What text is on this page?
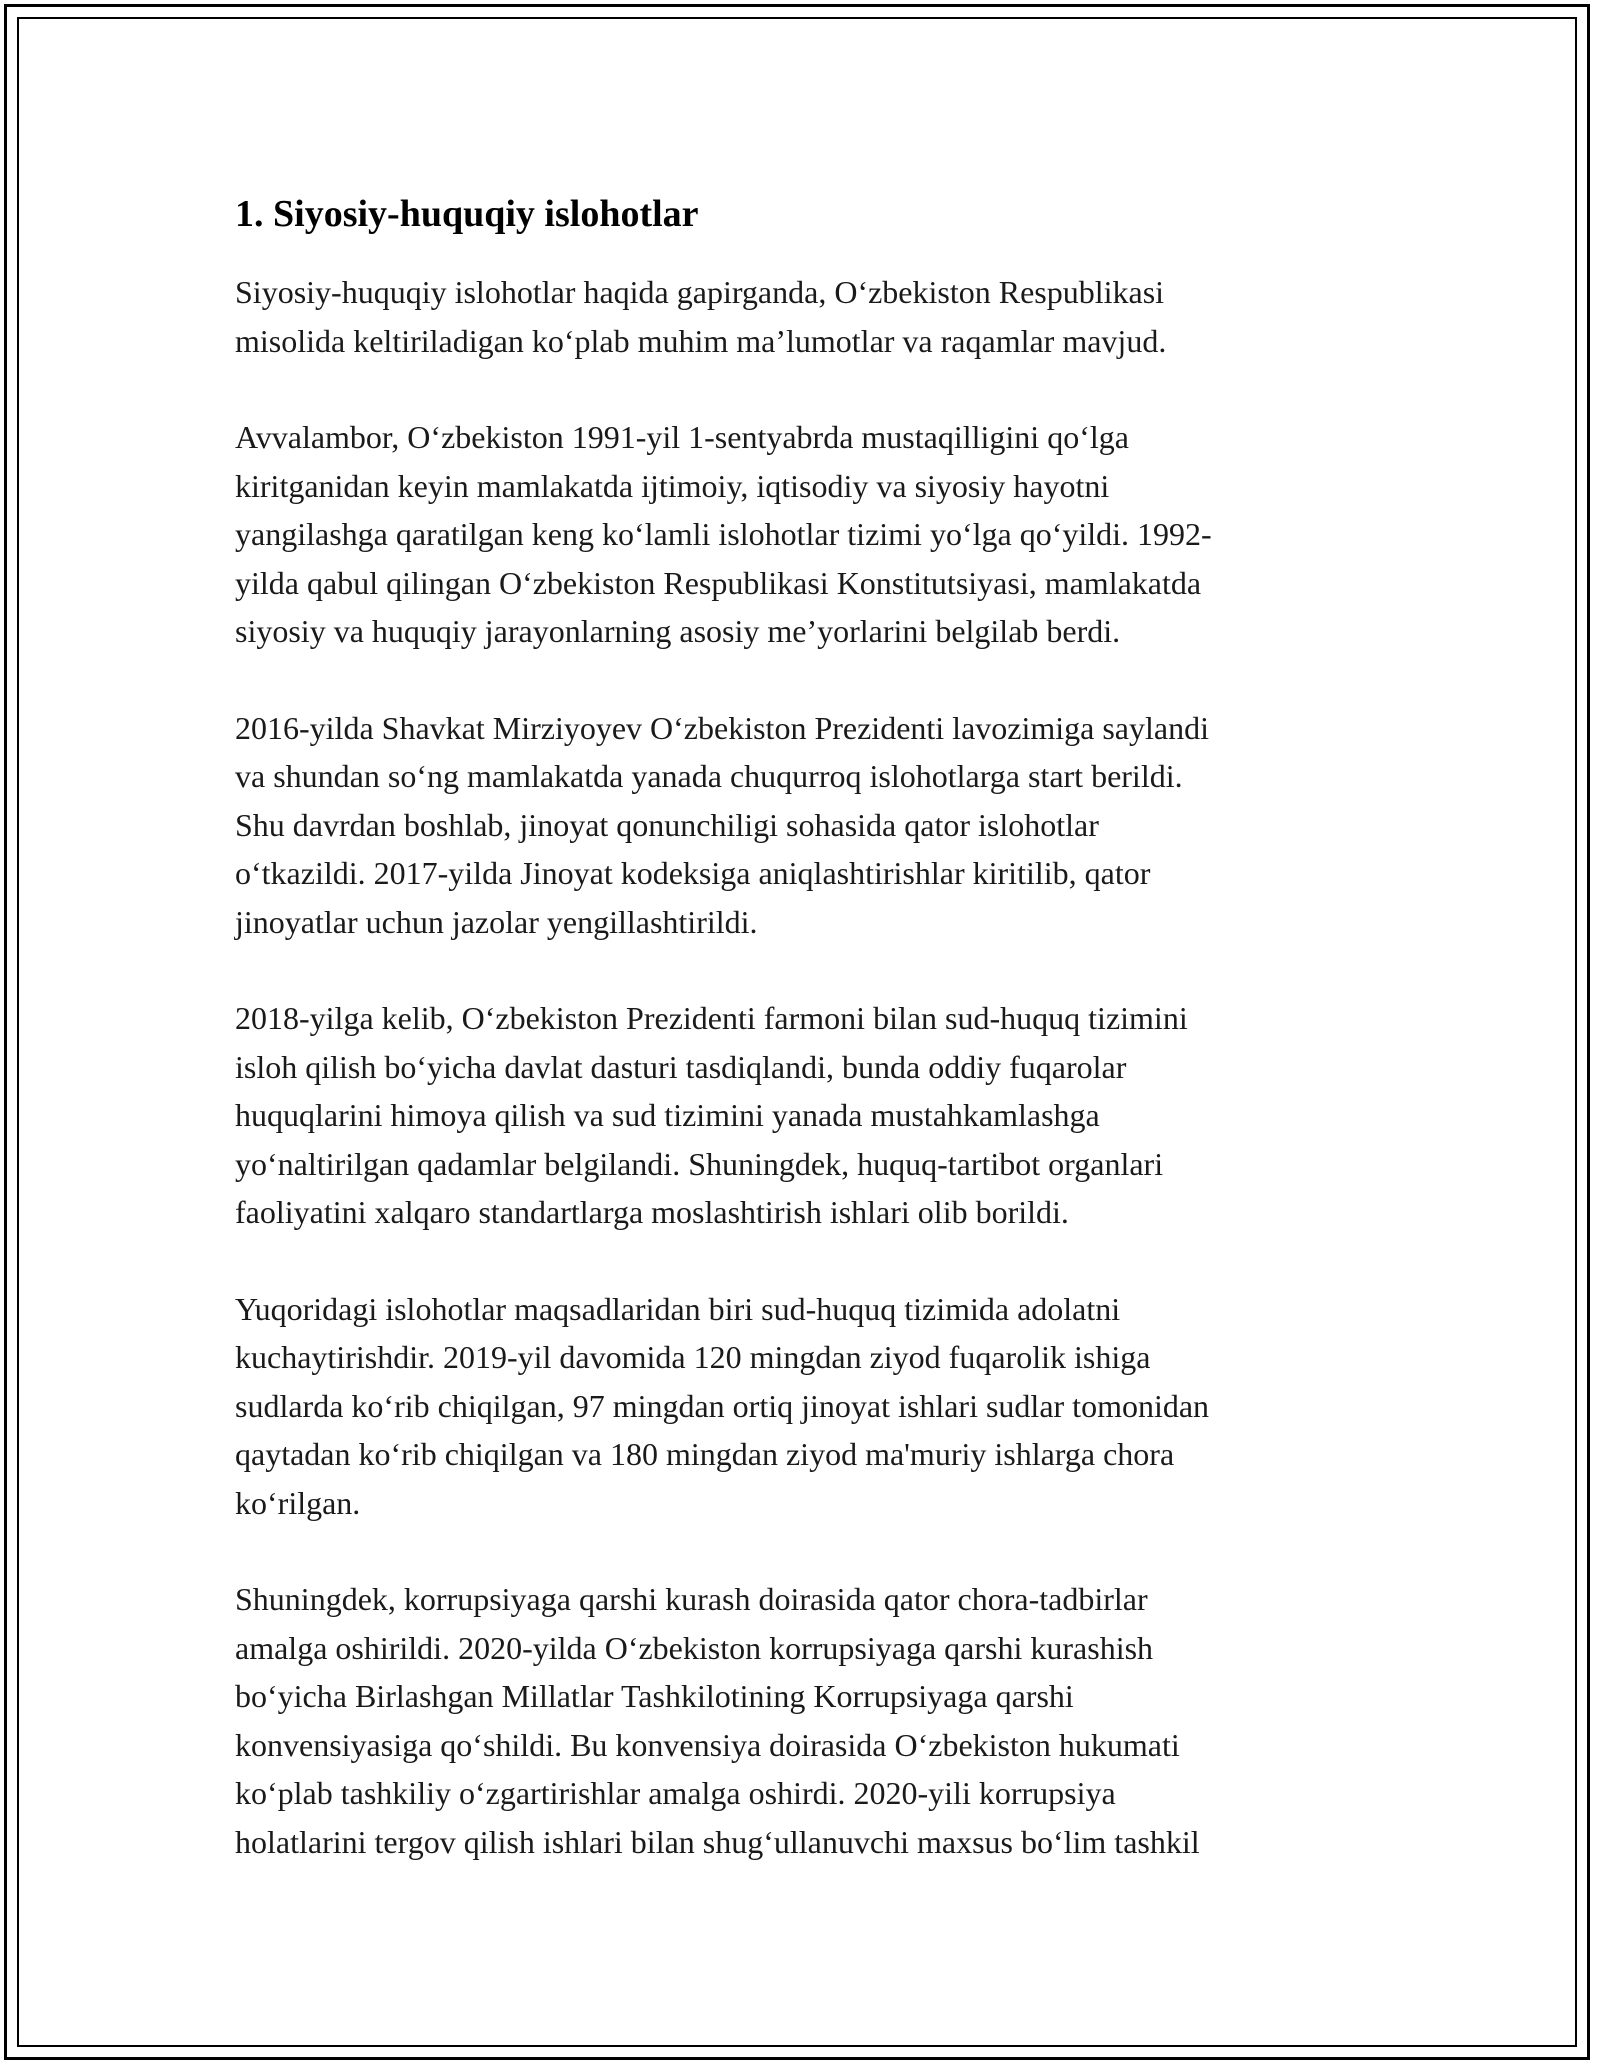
1. Siyosiy-huquqiy islohotlar
Siyosiy-huquqiy islohotlar haqida gapirganda, O‘zbekiston Respublikasi
misolida keltiriladigan ko‘plab muhim ma’lumotlar va raqamlar mavjud.
Avvalambor, O‘zbekiston 1991-yil 1-sentyabrda mustaqilligini qo‘lga
kiritganidan keyin mamlakatda ijtimoiy, iqtisodiy va siyosiy hayotni
yangilashga qaratilgan keng ko‘lamli islohotlar tizimi yo‘lga qo‘yildi. 1992-
yilda qabul qilingan O‘zbekiston Respublikasi Konstitutsiyasi, mamlakatda
siyosiy va huquqiy jarayonlarning asosiy me’yorlarini belgilab berdi.
2016-yilda Shavkat Mirziyoyev O‘zbekiston Prezidenti lavozimiga saylandi
va shundan so‘ng mamlakatda yanada chuqurroq islohotlarga start berildi.
Shu davrdan boshlab, jinoyat qonunchiligi sohasida qator islohotlar
o‘tkazildi. 2017-yilda Jinoyat kodeksiga aniqlashtirishlar kiritilib, qator
jinoyatlar uchun jazolar yengillashtirildi.
2018-yilga kelib, O‘zbekiston Prezidenti farmoni bilan sud-huquq tizimini
isloh qilish bo‘yicha davlat dasturi tasdiqlandi, bunda oddiy fuqarolar
huquqlarini himoya qilish va sud tizimini yanada mustahkamlashga
yo‘naltirilgan qadamlar belgilandi. Shuningdek, huquq-tartibot organlari
faoliyatini xalqaro standartlarga moslashtirish ishlari olib borildi.
Yuqoridagi islohotlar maqsadlaridan biri sud-huquq tizimida adolatni
kuchaytirishdir. 2019-yil davomida 120 mingdan ziyod fuqarolik ishiga
sudlarda ko‘rib chiqilgan, 97 mingdan ortiq jinoyat ishlari sudlar tomonidan
qaytadan ko‘rib chiqilgan va 180 mingdan ziyod ma'muriy ishlarga chora
ko‘rilgan.
Shuningdek, korrupsiyaga qarshi kurash doirasida qator chora-tadbirlar
amalga oshirildi. 2020-yilda O‘zbekiston korrupsiyaga qarshi kurashish
bo‘yicha Birlashgan Millatlar Tashkilotining Korrupsiyaga qarshi
konvensiyasiga qo‘shildi. Bu konvensiya doirasida O‘zbekiston hukumati
ko‘plab tashkiliy o‘zgartirishlar amalga oshirdi. 2020-yili korrupsiya
holatlarini tergov qilish ishlari bilan shug‘ullanuvchi maxsus bo‘lim tashkil
